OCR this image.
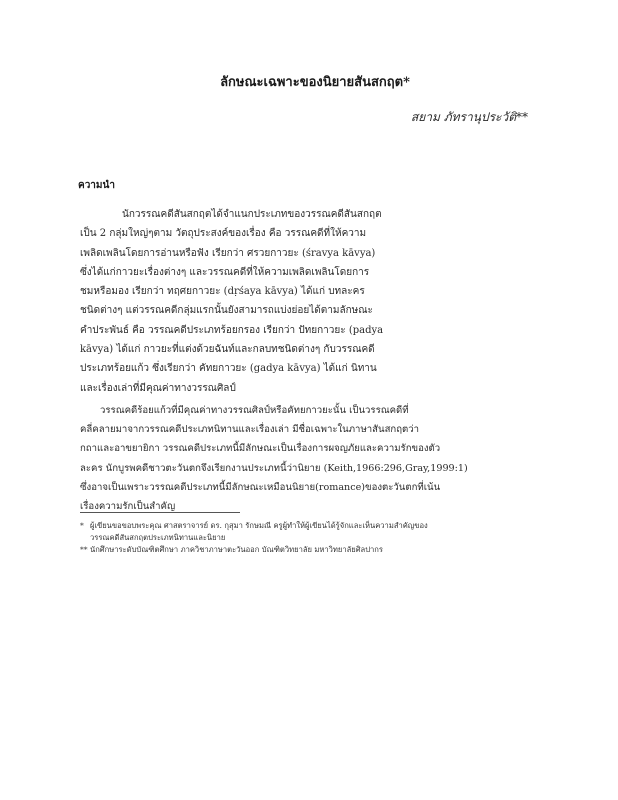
ลักษณะเฉพาะของนิยายสันสกฤต*
สยาม ภัทรานุประวัติ**
ความนำ
นักวรรณคดีสันสกฤตได้จำแนกประเภทของวรรณคดีสันสกฤต
เป็น 2 กลุ่มใหญ่ๆตาม วัตถุประสงค์ของเรื่อง คือ วรรณคดีที่ให้ความ
เพลิดเพลินโดยการอ่านหรือฟัง เรียกว่า ศรวยกาวยะ (śravya kāvya)
ซึ่งได้แก่กาวยะเรื่องต่างๆ และวรรณคดีที่ให้ความเพลิดเพลินโดยการ
ชมหรือมอง เรียกว่า ทฤศยกาวยะ (dṛśaya kāvya) ได้แก่ บทละคร
ชนิดต่างๆ แต่วรรณคดีกลุ่มแรกนั้นยังสามารถแบ่งย่อยได้ตามลักษณะ
คำประพันธ์ คือ วรรณคดีประเภทร้อยกรอง เรียกว่า ปัทยกาวยะ (padya
kāvya) ได้แก่ กาวยะที่แต่งด้วยฉันท์และกลบทชนิดต่างๆ กับวรรณคดี
ประเภทร้อยแก้ว ซึ่งเรียกว่า คัทยกาวยะ (gadya kāvya) ได้แก่ นิทาน
และเรื่องเล่าที่มีคุณค่าทางวรรณศิลป์
วรรณคดีร้อยแก้วที่มีคุณค่าทางวรรณศิลป์หรือคัทยกาวยะนั้น เป็นวรรณคดีที่
คลี่คลายมาจากวรรณคดีประเภทนิทานและเรื่องเล่า มีชื่อเฉพาะในภาษาสันสกฤตว่า
กถาและอาขยายิกา วรรณคดีประเภทนี้มีลักษณะเป็นเรื่องการผจญภัยและความรักของตัว
ละคร นักบูรพคดีชาวตะวันตกจึงเรียกงานประเภทนี้ว่านิยาย (Keith,1966:296,Gray,1999:1)
ซึ่งอาจเป็นเพราะวรรณคดีประเภทนี้มีลักษณะเหมือนนิยาย(romance)ของตะวันตกที่เน้น
เรื่องความรักเป็นสำคัญ
* ผู้เขียนขอขอบพระคุณ ศาสตราจารย์ ดร. กุสุมา รักษมณี ครูผู้ทำให้ผู้เขียนได้รู้จักและเห็นความสำคัญของ
วรรณคดีสันสกฤตประเภทนิทานและนิยาย
** นักศึกษาระดับบัณฑิตศึกษา ภาควิชาภาษาตะวันออก บัณฑิตวิทยาลัย มหาวิทยาลัยศิลปากร
